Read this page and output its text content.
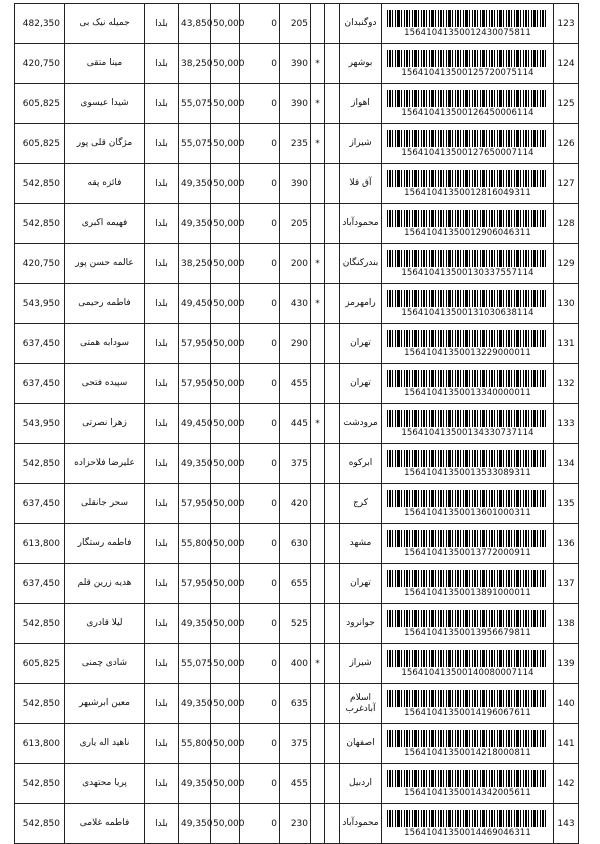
482,350	جمیله نیک بی	بلدا	43,850	50,000	0	205			دوگنبدان	15641041350012430075811	123
420,750	مینا متقی	بلدا	38,250	50,000	0	390	*		بوشهر	15641041350012572007511‎4	124
605,825	شیدا عیسوی	بلدا	55,075	50,000	0	390	*		اهواز	15641041350012645000611‎4	125
605,825	مژگان قلی پور	بلدا	55,075	50,000	0	235	*		شیراز	15641041350012765000711‎4	126
542,850	فائزه پقه	بلدا	49,350	50,000	0	390			آق قلا	15641041350012816049311	127
542,850	فهیمه اکبری	بلدا	49,350	50,000	0	205			محمودآباد	15641041350012906046311	128
420,750	عالمه حسن پور	بلدا	38,250	50,000	0	200	*		بندرکنگان	15641041350013033755711‎4	129
543,950	فاطمه رحیمی	بلدا	49,450	50,000	0	430	*		رامهرمز	15641041350013103063811‎4	130
637,450	سودابه همتی	بلدا	57,950	50,000	0	290			تهران	15641041350013229000011	131
637,450	سپیده فتحی	بلدا	57,950	50,000	0	455			تهران	15641041350013340000011	132
543,950	زهرا نصرتی	بلدا	49,450	50,000	0	445	*		مرودشت	15641041350013433073711‎4	133
542,850	علیرضا فلاحزاده	بلدا	49,350	50,000	0	375			ابرکوه	15641041350013533089311	134
637,450	سحر جانقلی	بلدا	57,950	50,000	0	420			کرج	15641041350013601000311	135
613,800	فاطمه رستگار	بلدا	55,800	50,000	0	630			مشهد	15641041350013772000911	136
637,450	هدیه زرین قلم	بلدا	57,950	50,000	0	655			تهران	15641041350013891000011	137
542,850	لیلا قادری	بلدا	49,350	50,000	0	525			جوانرود	15641041350013956679811	138
605,825	شادی چمنی	بلدا	55,075	50,000	0	400	*		شیراز	15641041350014008000711‎4	139
542,850	معین ابرشیهر	بلدا	49,350	50,000	0	635			اسلام آبادغرب	15641041350014196067611	140
613,800	ناهید اله یاری	بلدا	55,800	50,000	0	375			اصفهان	15641041350014218000811	141
542,850	پریا محتهدی	بلدا	49,350	50,000	0	455			اردبیل	15641041350014342005611	142
542,850	فاطمه غلامی	بلدا	49,350	50,000	0	230			محمودآباد	15641041350014469046311	143
